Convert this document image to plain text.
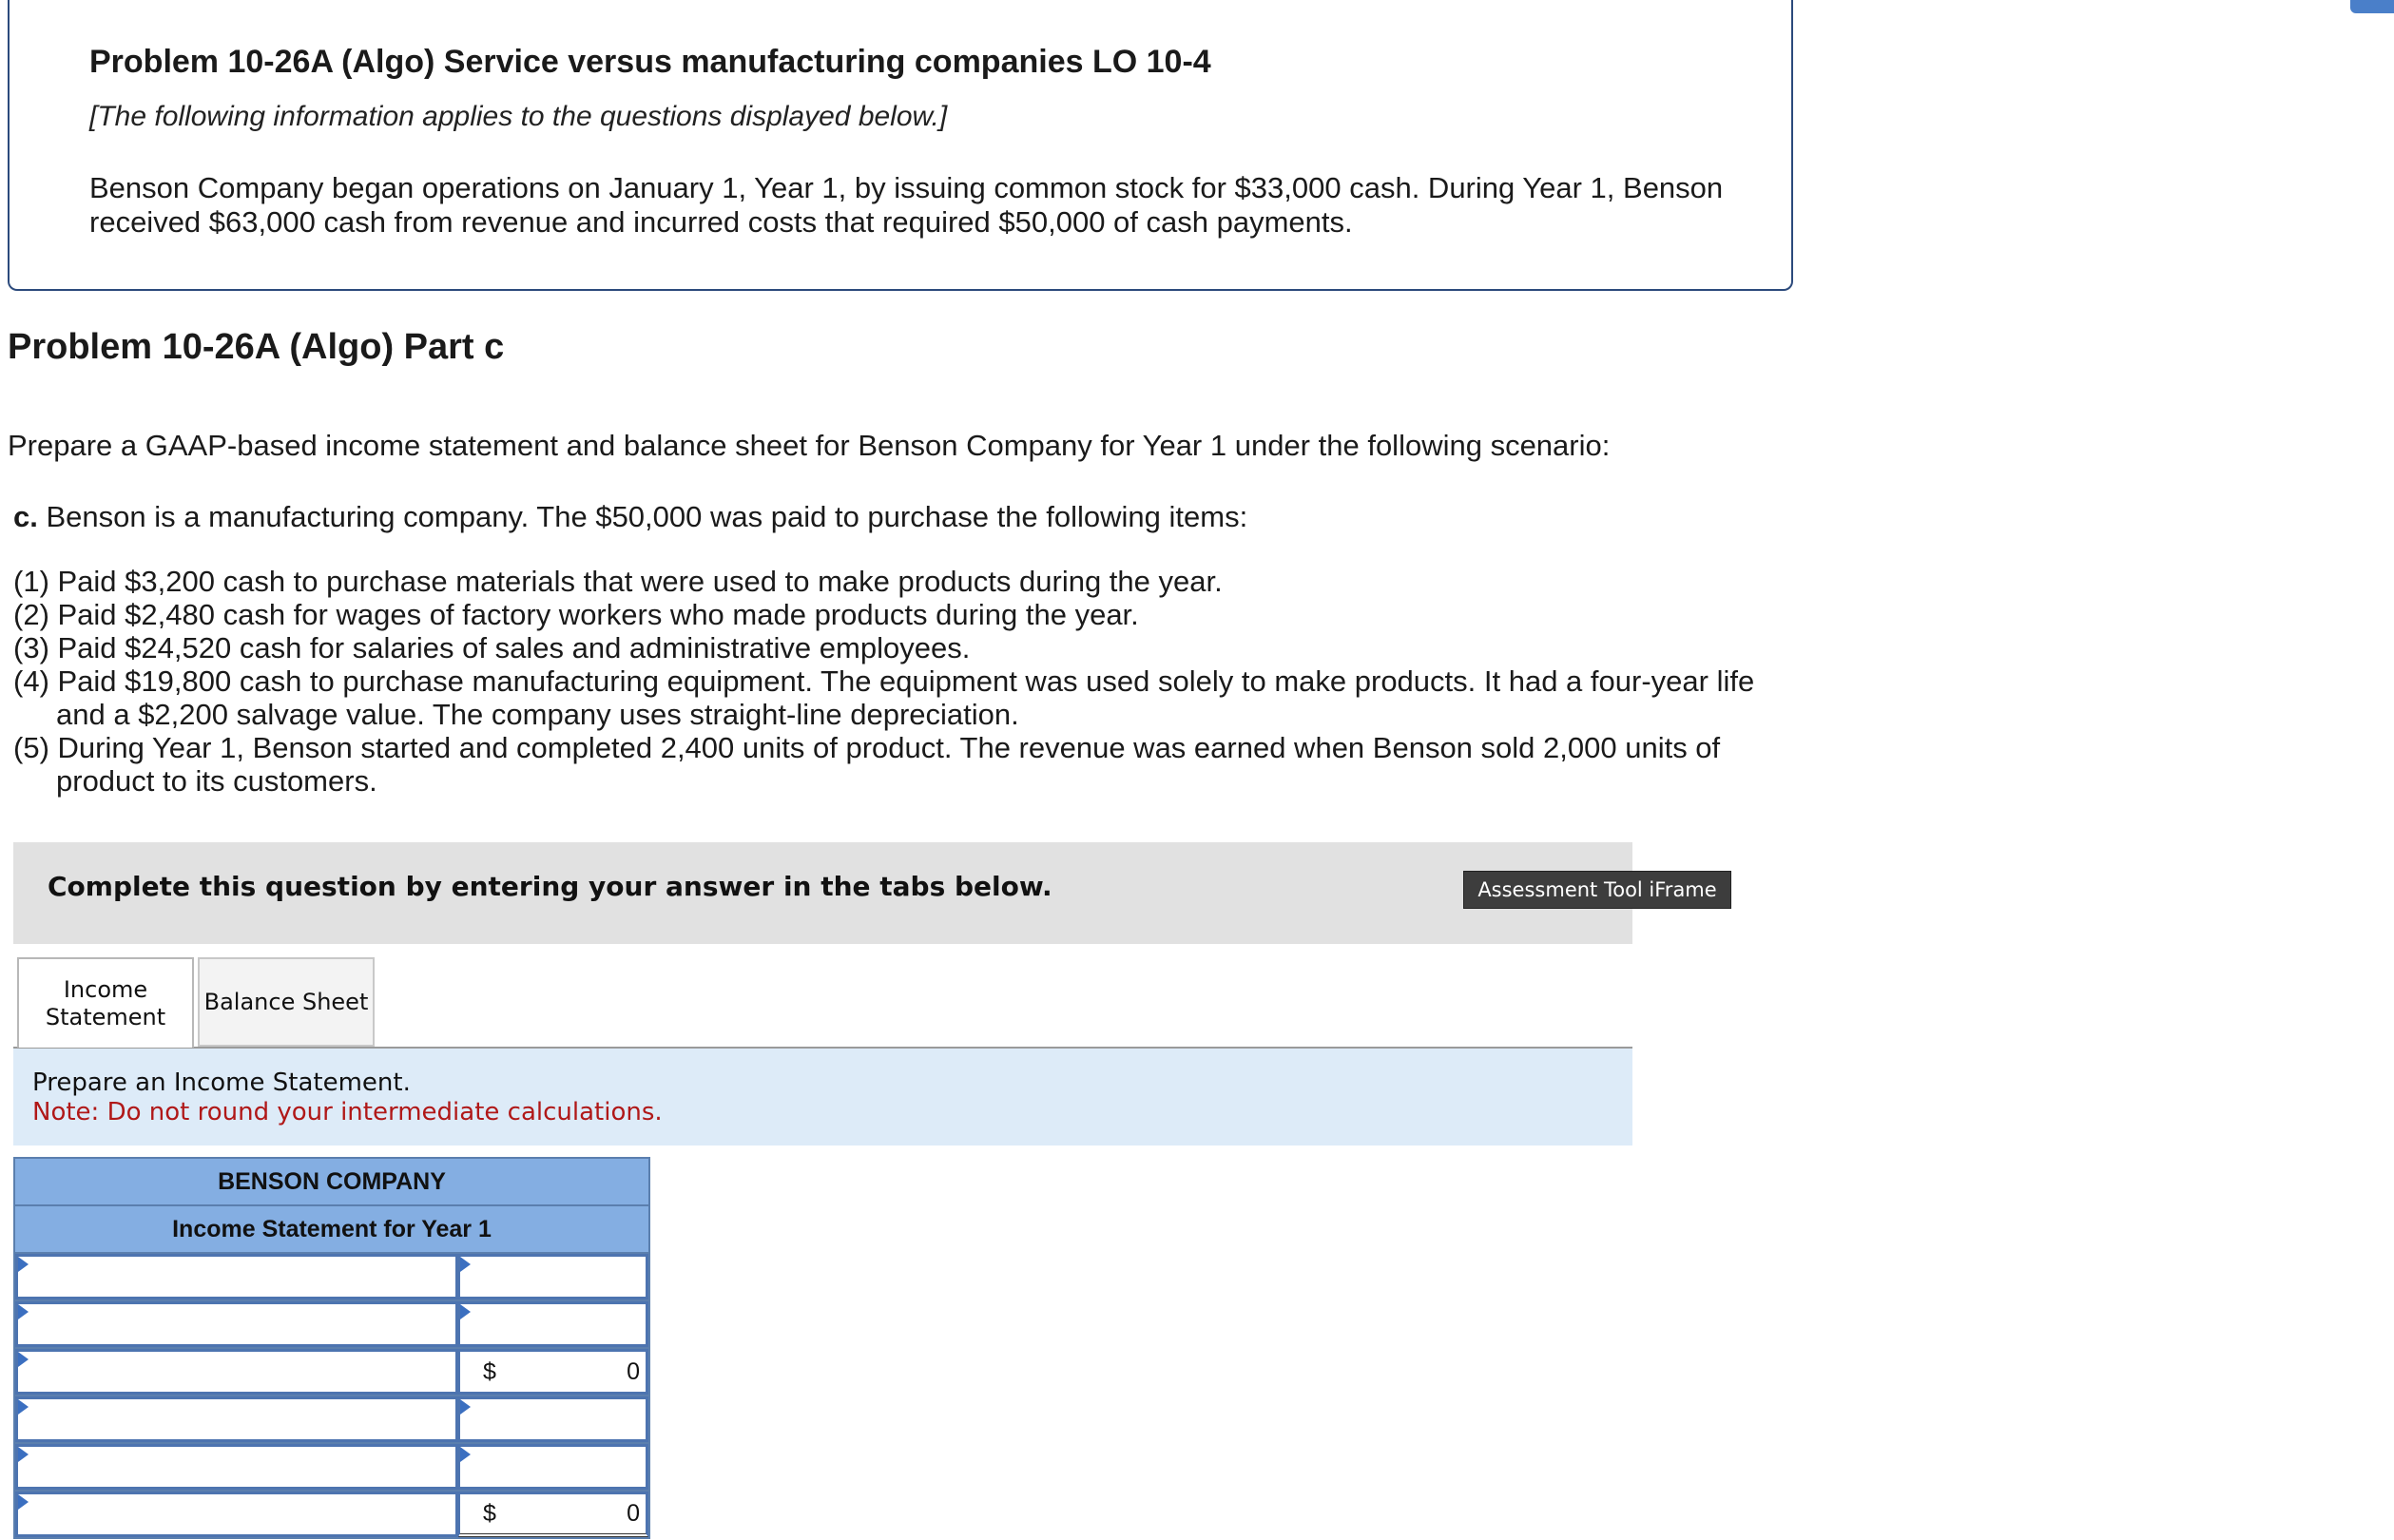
Problem 10-26A (Algo) Service versus manufacturing companies LO 10-4
[The following information applies to the questions displayed below.]
Benson Company began operations on January 1, Year 1, by issuing common stock for $33,000 cash. During Year 1, Benson received $63,000 cash from revenue and incurred costs that required $50,000 of cash payments.
Problem 10-26A (Algo) Part c
Prepare a GAAP-based income statement and balance sheet for Benson Company for Year 1 under the following scenario:
c. Benson is a manufacturing company. The $50,000 was paid to purchase the following items:
(1) Paid $3,200 cash to purchase materials that were used to make products during the year.
(2) Paid $2,480 cash for wages of factory workers who made products during the year.
(3) Paid $24,520 cash for salaries of sales and administrative employees.
(4) Paid $19,800 cash to purchase manufacturing equipment. The equipment was used solely to make products. It had a four-year life and a $2,200 salvage value. The company uses straight-line depreciation.
(5) During Year 1, Benson started and completed 2,400 units of product. The revenue was earned when Benson sold 2,000 units of product to its customers.
Complete this question by entering your answer in the tabs below.	Assessment Tool iFrame
Income Statement
Balance Sheet
Prepare an Income Statement.
Note: Do not round your intermediate calculations.
BENSON COMPANY
Income Statement for Year 1
$	0
$	0
